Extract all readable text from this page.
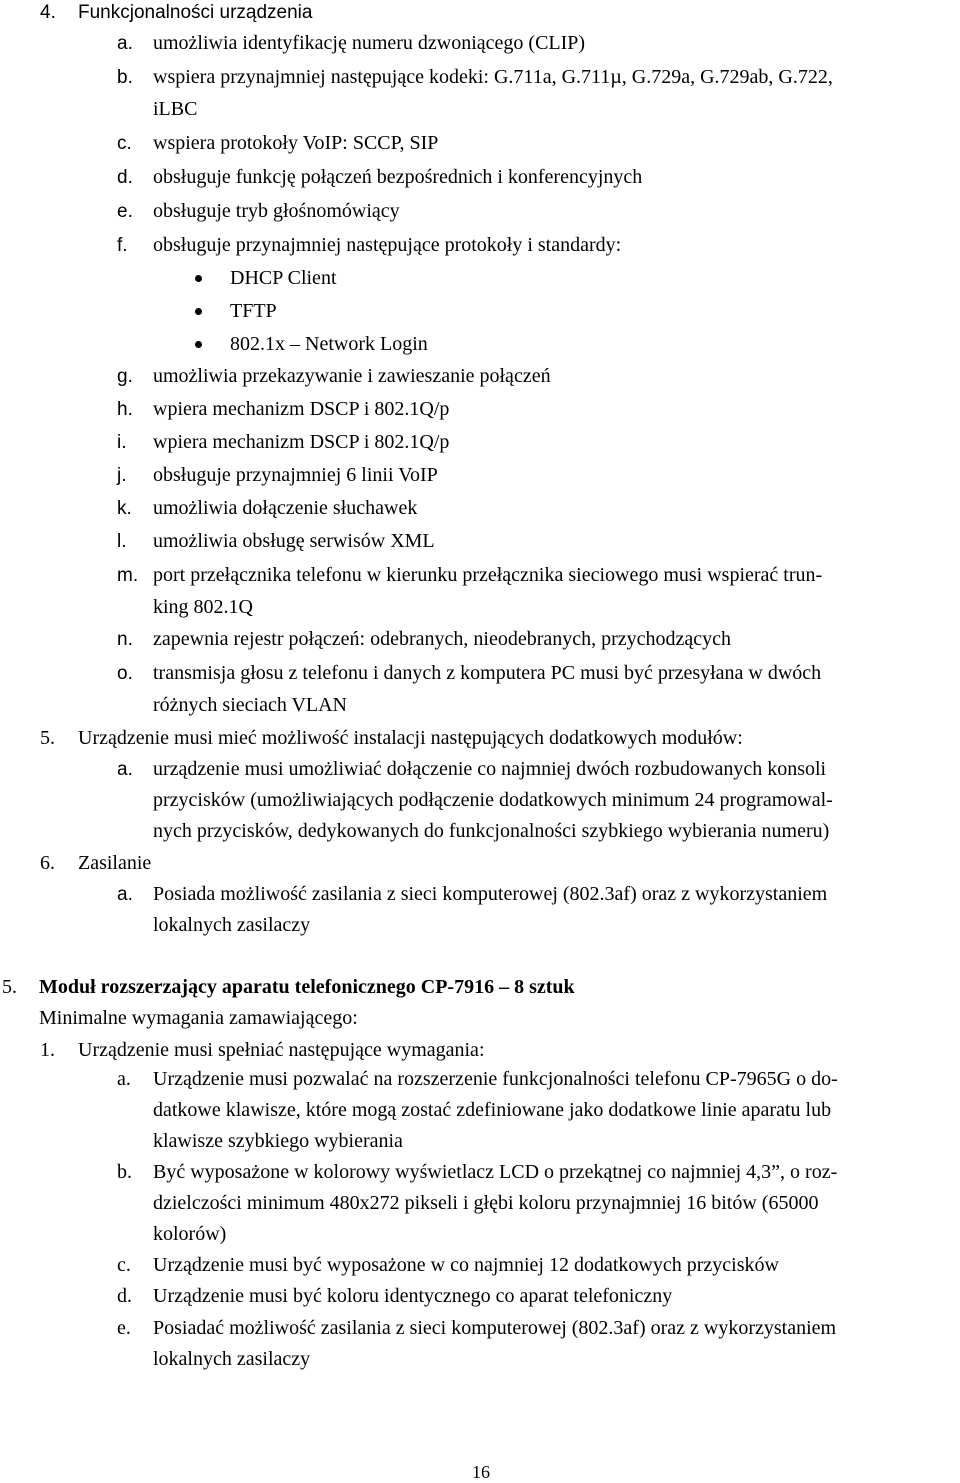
4. Funkcjonalności urządzenia
a. umożliwia identyfikację numeru dzwoniącego (CLIP)
b. wspiera przynajmniej następujące kodeki: G.711a, G.711µ, G.729a, G.729ab, G.722,
iLBC
c. wspiera protokoły VoIP: SCCP, SIP
d. obsługuje funkcję połączeń bezpośrednich i konferencyjnych
e. obsługuje tryb głośnomówiący
f. obsługuje przynajmniej następujące protokoły i standardy:
DHCP Client
TFTP
802.1x – Network Login
g. umożliwia przekazywanie i zawieszanie połączeń
h. wpiera mechanizm DSCP i 802.1Q/p
i. wpiera mechanizm DSCP i 802.1Q/p
j. obsługuje przynajmniej 6 linii VoIP
k. umożliwia dołączenie słuchawek
l. umożliwia obsługę serwisów XML
m. port przełącznika telefonu w kierunku przełącznika sieciowego musi wspierać trun-
king 802.1Q
n. zapewnia rejestr połączeń: odebranych, nieodebranych, przychodzących
o. transmisja głosu z telefonu i danych z komputera PC musi być przesyłana w dwóch
różnych sieciach VLAN
5. Urządzenie musi mieć możliwość instalacji następujących dodatkowych modułów:
a. urządzenie musi umożliwiać dołączenie co najmniej dwóch rozbudowanych konsoli
przycisków (umożliwiających podłączenie dodatkowych minimum 24 programowal-
nych przycisków, dedykowanych do funkcjonalności szybkiego wybierania numeru)
6. Zasilanie
a. Posiada możliwość zasilania z sieci komputerowej (802.3af) oraz z wykorzystaniem
lokalnych zasilaczy
5. Moduł rozszerzający aparatu telefonicznego CP-7916 – 8 sztuk
Minimalne wymagania zamawiającego:
1. Urządzenie musi spełniać następujące wymagania:
a. Urządzenie musi pozwalać na rozszerzenie funkcjonalności telefonu CP-7965G o do-
datkowe klawisze, które mogą zostać zdefiniowane jako dodatkowe linie aparatu lub
klawisze szybkiego wybierania
b. Być wyposażone w kolorowy wyświetlacz LCD o przekątnej co najmniej 4,3”, o roz-
dzielczości minimum 480x272 pikseli i głębi koloru przynajmniej 16 bitów (65000
kolorów)
c. Urządzenie musi być wyposażone w co najmniej 12 dodatkowych przycisków
d. Urządzenie musi być koloru identycznego co aparat telefoniczny
e. Posiadać możliwość zasilania z sieci komputerowej (802.3af) oraz z wykorzystaniem
lokalnych zasilaczy
16
